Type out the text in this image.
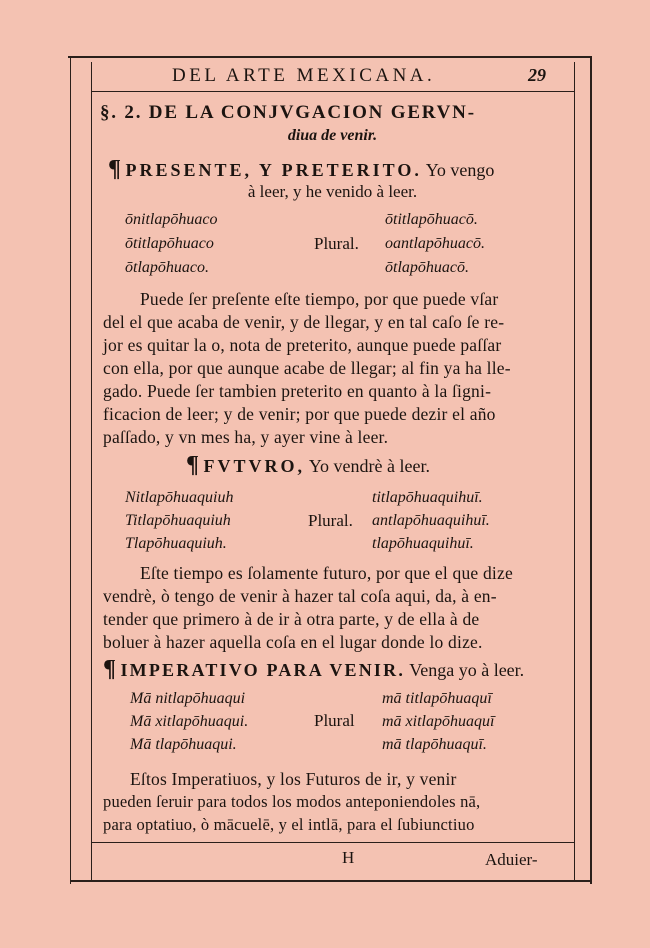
DEL ARTE MEXICANA.	29
§. 2. DE LA CONJVGACION GERVN-
diua de venir.
¶ PRESENTE, Y PRETERITO. Yo vengo
à leer, y he venido à leer.
ōnitlapōhuaco
ōtitlapōhuaco
ōtlapōhuaco.
Plural.
ōtitlapōhuacō.
oantlapōhuacō.
ōtlapōhuacō.
Puede ſer preſente eſte tiempo, por que puede vſar
del el que acaba de venir, y de llegar, y en tal caſo ſe re-
jor es quitar la o, nota de preterito, aunque puede paſſar
con ella, por que aunque acabe de llegar; al fin ya ha lle-
gado. Puede ſer tambien preterito en quanto à la ſigni-
ficacion de leer; y de venir; por que puede dezir el año
paſſado, y vn mes ha, y ayer vine à leer.
¶ FVTVRO, Yo vendrè à leer.
Nitlapōhuaquiuh
Titlapōhuaquiuh
Tlapōhuaquiuh.
Plural.
titlapōhuaquihuī.
antlapōhuaquihuī.
tlapōhuaquihuī.
Eſte tiempo es ſolamente futuro, por que el que dize
vendrè, ò tengo de venir à hazer tal coſa aqui, da, à en-
tender que primero à de ir à otra parte, y de ella à de
boluer à hazer aquella coſa en el lugar donde lo dize.
¶ IMPERATIVO PARA VENIR. Venga yo à leer.
Mā nitlapōhuaqui
Mā xitlapōhuaqui.
Mā tlapōhuaqui.
Plural
mā titlapōhuaquī
mā xitlapōhuaquī
mā tlapōhuaquī.
Eſtos Imperatiuos, y los Futuros de ir, y venir
pueden ſeruir para todos los modos anteponiendoles nā,
para optatiuo, ò mācuelē, y el intlā, para el ſubiunctiuo
H	Aduier-
